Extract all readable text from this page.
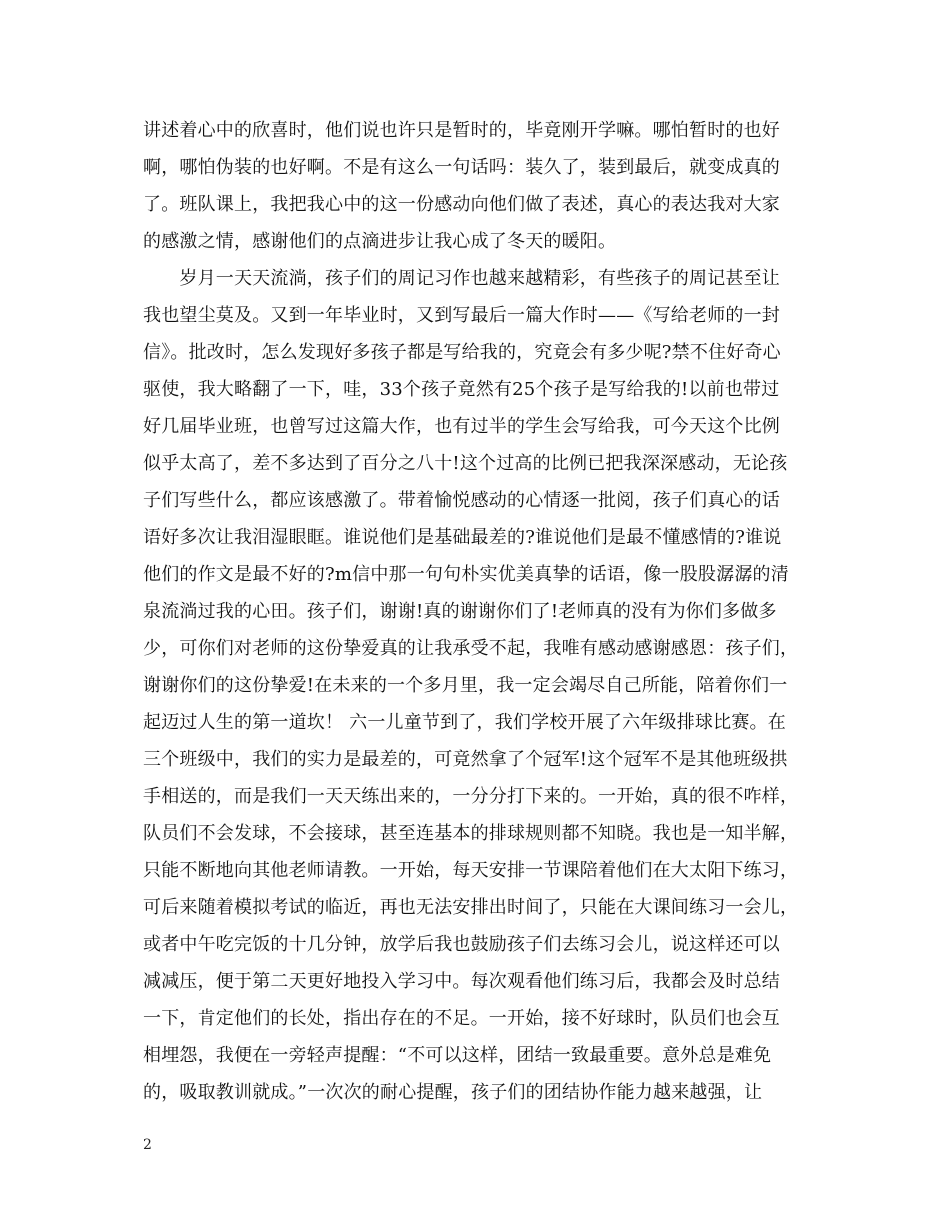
讲述着心中的欣喜时，他们说也许只是暂时的，毕竟刚开学嘛。哪怕暂时的也好
啊，哪怕伪装的也好啊。不是有这么一句话吗：装久了，装到最后，就变成真的
了。班队课上，我把我心中的这一份感动向他们做了表述，真心的表达我对大家
的感激之情，感谢他们的点滴进步让我心成了冬天的暖阳。
　　岁月一天天流淌，孩子们的周记习作也越来越精彩，有些孩子的周记甚至让
我也望尘莫及。又到一年毕业时，又到写最后一篇大作时——《写给老师的一封
信》。批改时，怎么发现好多孩子都是写给我的，究竟会有多少呢?禁不住好奇心
驱使，我大略翻了一下，哇，33个孩子竟然有25个孩子是写给我的!以前也带过
好几届毕业班，也曾写过这篇大作，也有过半的学生会写给我，可今天这个比例
似乎太高了，差不多达到了百分之八十!这个过高的比例已把我深深感动，无论孩
子们写些什么，都应该感激了。带着愉悦感动的心情逐一批阅，孩子们真心的话
语好多次让我泪湿眼眶。谁说他们是基础最差的?谁说他们是最不懂感情的?谁说
他们的作文是最不好的?m信中那一句句朴实优美真挚的话语，像一股股潺潺的清
泉流淌过我的心田。孩子们，谢谢!真的谢谢你们了!老师真的没有为你们多做多
少，可你们对老师的这份挚爱真的让我承受不起，我唯有感动感谢感恩：孩子们，
谢谢你们的这份挚爱!在未来的一个多月里，我一定会竭尽自己所能，陪着你们一
起迈过人生的第一道坎！ 六一儿童节到了，我们学校开展了六年级排球比赛。在
三个班级中，我们的实力是最差的，可竟然拿了个冠军!这个冠军不是其他班级拱
手相送的，而是我们一天天练出来的，一分分打下来的。一开始，真的很不咋样，
队员们不会发球，不会接球，甚至连基本的排球规则都不知晓。我也是一知半解，
只能不断地向其他老师请教。一开始，每天安排一节课陪着他们在大太阳下练习，
可后来随着模拟考试的临近，再也无法安排出时间了，只能在大课间练习一会儿，
或者中午吃完饭的十几分钟，放学后我也鼓励孩子们去练习会儿，说这样还可以
减减压，便于第二天更好地投入学习中。每次观看他们练习后，我都会及时总结
一下，肯定他们的长处，指出存在的不足。一开始，接不好球时，队员们也会互
相埋怨，我便在一旁轻声提醒：“不可以这样，团结一致最重要。意外总是难免
的，吸取教训就成。”一次次的耐心提醒，孩子们的团结协作能力越来越强，让
2
